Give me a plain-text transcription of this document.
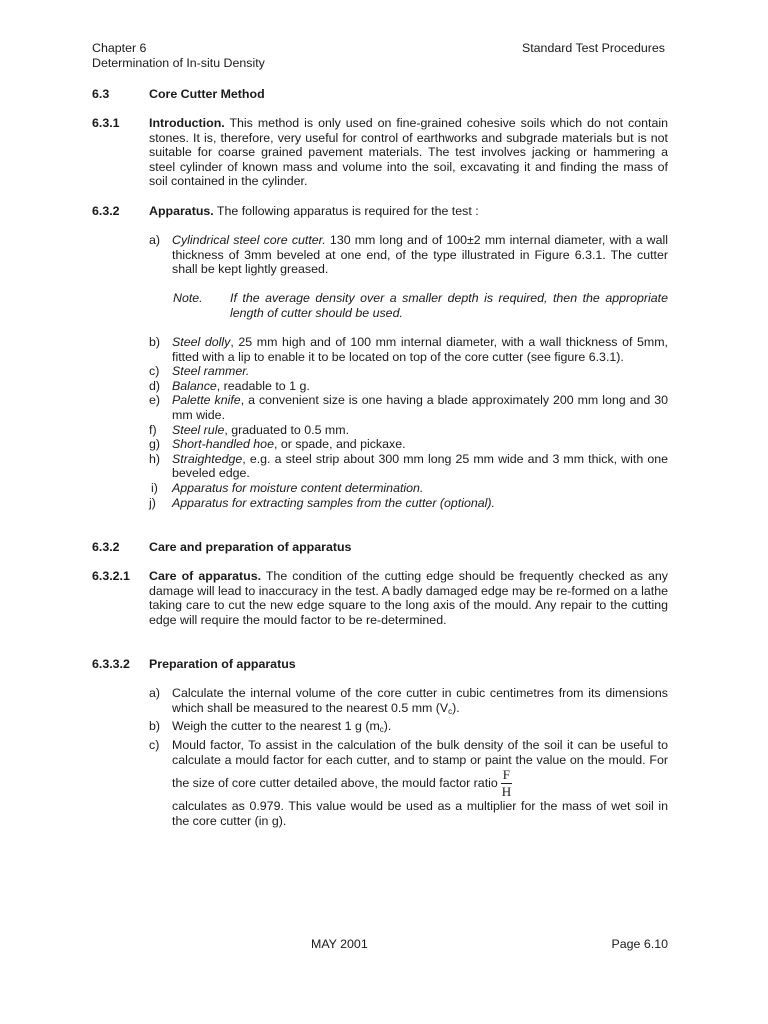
Chapter 6
Determination of In-situ Density
Standard Test Procedures
6.3	Core Cutter Method
6.3.1 Introduction. This method is only used on fine-grained cohesive soils which do not contain stones. It is, therefore, very useful for control of earthworks and subgrade materials but is not suitable for coarse grained pavement materials. The test involves jacking or hammering a steel cylinder of known mass and volume into the soil, excavating it and finding the mass of soil contained in the cylinder.
6.3.2 Apparatus. The following apparatus is required for the test :
a) Cylindrical steel core cutter. 130 mm long and of 100±2 mm internal diameter, with a wall thickness of 3mm beveled at one end, of the type illustrated in Figure 6.3.1. The cutter shall be kept lightly greased.
Note. If the average density over a smaller depth is required, then the appropriate length of cutter should be used.
b) Steel dolly, 25 mm high and of 100 mm internal diameter, with a wall thickness of 5mm, fitted with a lip to enable it to be located on top of the core cutter (see figure 6.3.1).
c) Steel rammer.
d) Balance, readable to 1 g.
e) Palette knife, a convenient size is one having a blade approximately 200 mm long and 30 mm wide.
f) Steel rule, graduated to 0.5 mm.
g) Short-handled hoe, or spade, and pickaxe.
h) Straightedge, e.g. a steel strip about 300 mm long 25 mm wide and 3 mm thick, with one beveled edge.
i) Apparatus for moisture content determination.
j) Apparatus for extracting samples from the cutter (optional).
6.3.2 Care and preparation of apparatus
6.3.2.1 Care of apparatus. The condition of the cutting edge should be frequently checked as any damage will lead to inaccuracy in the test. A badly damaged edge may be re-formed on a lathe taking care to cut the new edge square to the long axis of the mould. Any repair to the cutting edge will require the mould factor to be re-determined.
6.3.3.2 Preparation of apparatus
a) Calculate the internal volume of the core cutter in cubic centimetres from its dimensions which shall be measured to the nearest 0.5 mm $(V_c)$.
b) Weigh the cutter to the nearest 1 g $(m_c)$.
c) Mould factor, To assist in the calculation of the bulk density of the soil it can be useful to calculate a mould factor for each cutter, and to stamp or paint the value on the mould. For the size of core cutter detailed above, the mould factor ratio $\frac{F}{H}$
calculates as 0.979. This value would be used as a multiplier for the mass of wet soil in the core cutter (in g).
MAY 2001	Page 6.10
